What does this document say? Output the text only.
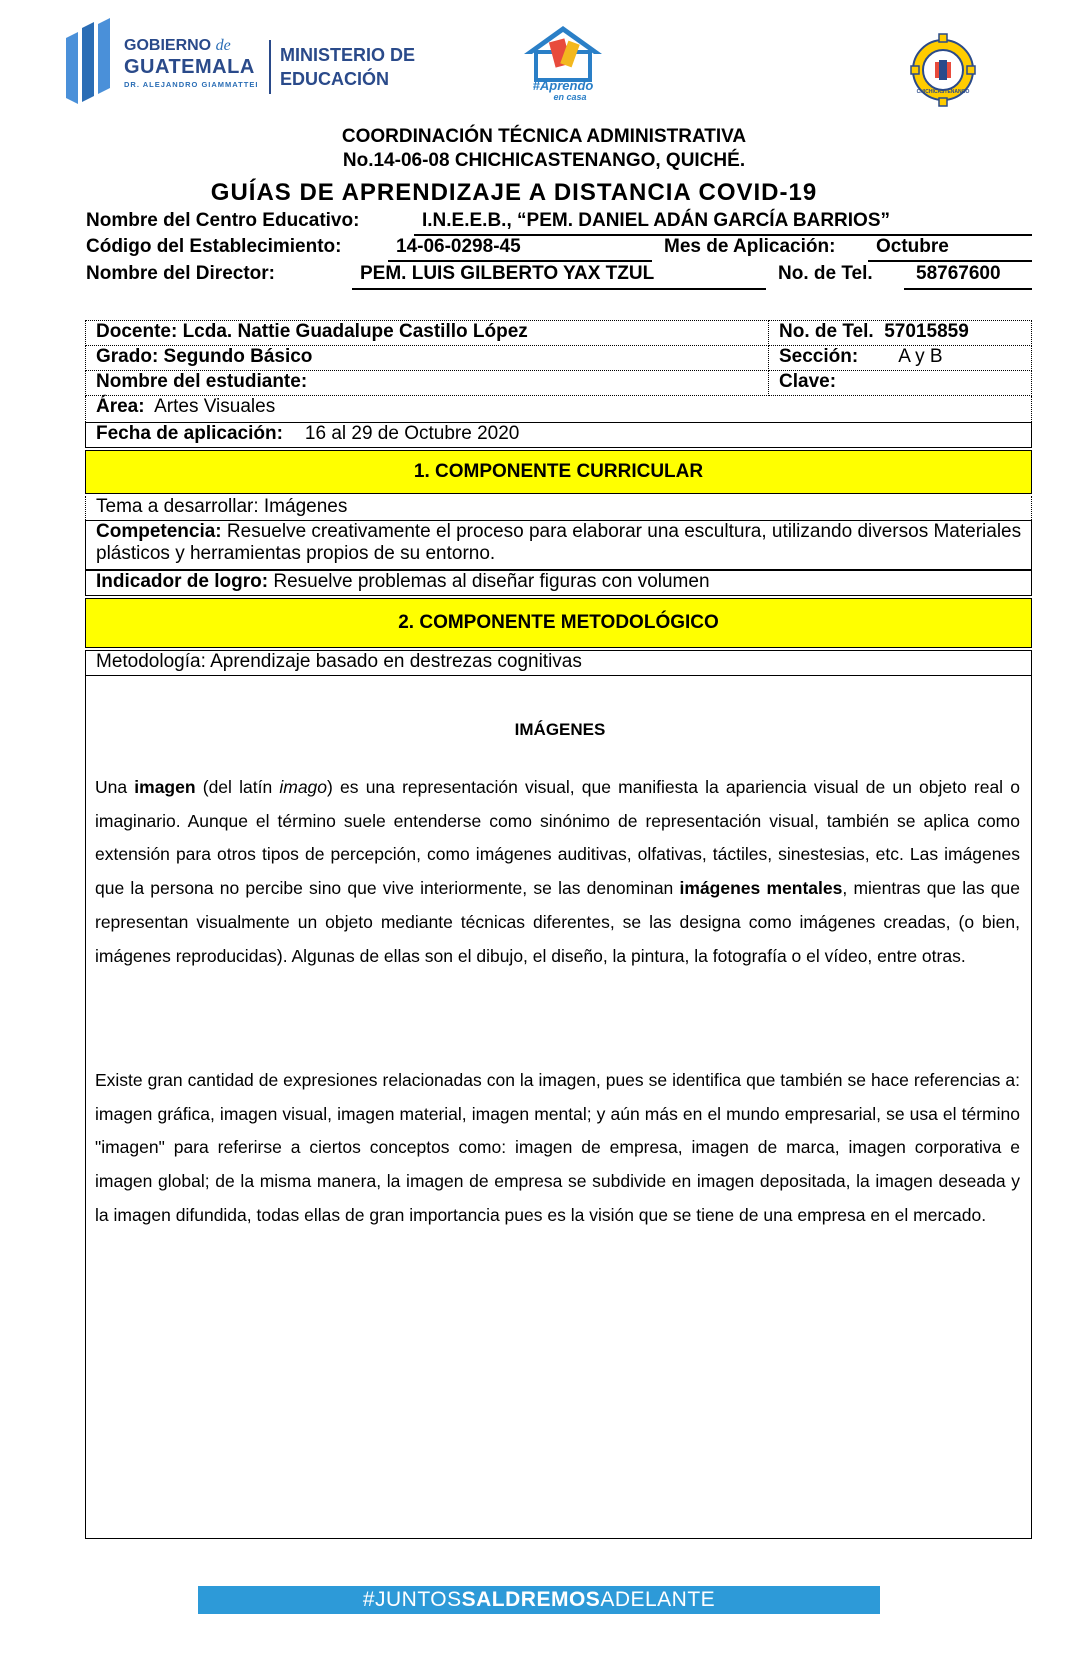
GOBIERNO de
GUATEMALA
DR. ALEJANDRO GIAMMATTEI
MINISTERIO DE
EDUCACIÓN	#Aprendo
en casa	CHICHICASTENANGO
COORDINACIÓN TÉCNICA ADMINISTRATIVA
No.14-06-08 CHICHICASTENANGO, QUICHÉ.
GUÍAS DE APRENDIZAJE A DISTANCIA COVID-19
Nombre del Centro Educativo:	I.N.E.E.B., “PEM. DANIEL ADÁN GARCÍA BARRIOS”
Código del Establecimiento:	14-06-0298-45	Mes de Aplicación: Octubre
Nombre del Director:	PEM. LUIS GILBERTO YAX TZUL	No. de Tel. 58767600
Docente: Lcda. Nattie Guadalupe Castillo López	No. de Tel. 57015859
Grado: Segundo Básico	Sección: A y B
Nombre del estudiante:	Clave:
Área: Artes Visuales
Fecha de aplicación: 16 al 29 de Octubre 2020
1. COMPONENTE CURRICULAR
Tema a desarrollar: Imágenes
Competencia: Resuelve creativamente el proceso para elaborar una escultura, utilizando diversos Materiales plásticos y herramientas propios de su entorno.
Indicador de logro: Resuelve problemas al diseñar figuras con volumen
2. COMPONENTE METODOLÓGICO
Metodología: Aprendizaje basado en destrezas cognitivas
IMÁGENES
Una imagen (del latín imago) es una representación visual, que manifiesta la apariencia visual de un objeto real o imaginario. Aunque el término suele entenderse como sinónimo de representación visual, también se aplica como extensión para otros tipos de percepción, como imágenes auditivas, olfativas, táctiles, sinestesias, etc. Las imágenes que la persona no percibe sino que vive interiormente, se las denominan imágenes mentales, mientras que las que representan visualmente un objeto mediante técnicas diferentes, se las designa como imágenes creadas, (o bien, imágenes reproducidas). Algunas de ellas son el dibujo, el diseño, la pintura, la fotografía o el vídeo, entre otras.
Existe gran cantidad de expresiones relacionadas con la imagen, pues se identifica que también se hace referencias a: imagen gráfica, imagen visual, imagen material, imagen mental; y aún más en el mundo empresarial, se usa el término "imagen" para referirse a ciertos conceptos como: imagen de empresa, imagen de marca, imagen corporativa e imagen global; de la misma manera, la imagen de empresa se subdivide en imagen depositada, la imagen deseada y la imagen difundida, todas ellas de gran importancia pues es la visión que se tiene de una empresa en el mercado.
#JUNTOSSALDREMOSADELANTE
